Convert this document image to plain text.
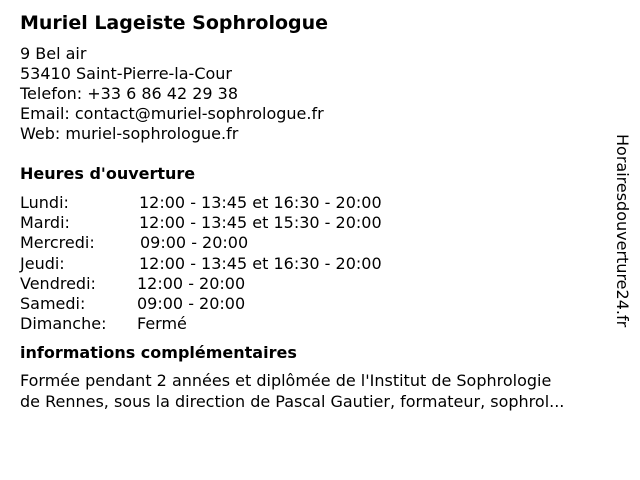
Muriel Lageiste Sophrologue
9 Bel air
53410 Saint-Pierre-la-Cour
Telefon: +33 6 86 42 29 38
Email: contact@muriel-sophrologue.fr
Web: muriel-sophrologue.fr
Heures d'ouverture
Lundi:	12:00 - 13:45 et 16:30 - 20:00
Mardi:	12:00 - 13:45 et 15:30 - 20:00
Mercredi:	09:00 - 20:00
Jeudi:	12:00 - 13:45 et 16:30 - 20:00
Vendredi:	12:00 - 20:00
Samedi:	09:00 - 20:00
Dimanche: Fermé
informations complémentaires
Formée pendant 2 années et diplômée de l'Institut de Sophrologie
de Rennes, sous la direction de Pascal Gautier, formateur, sophrol...
Horairesdouverture24.fr
